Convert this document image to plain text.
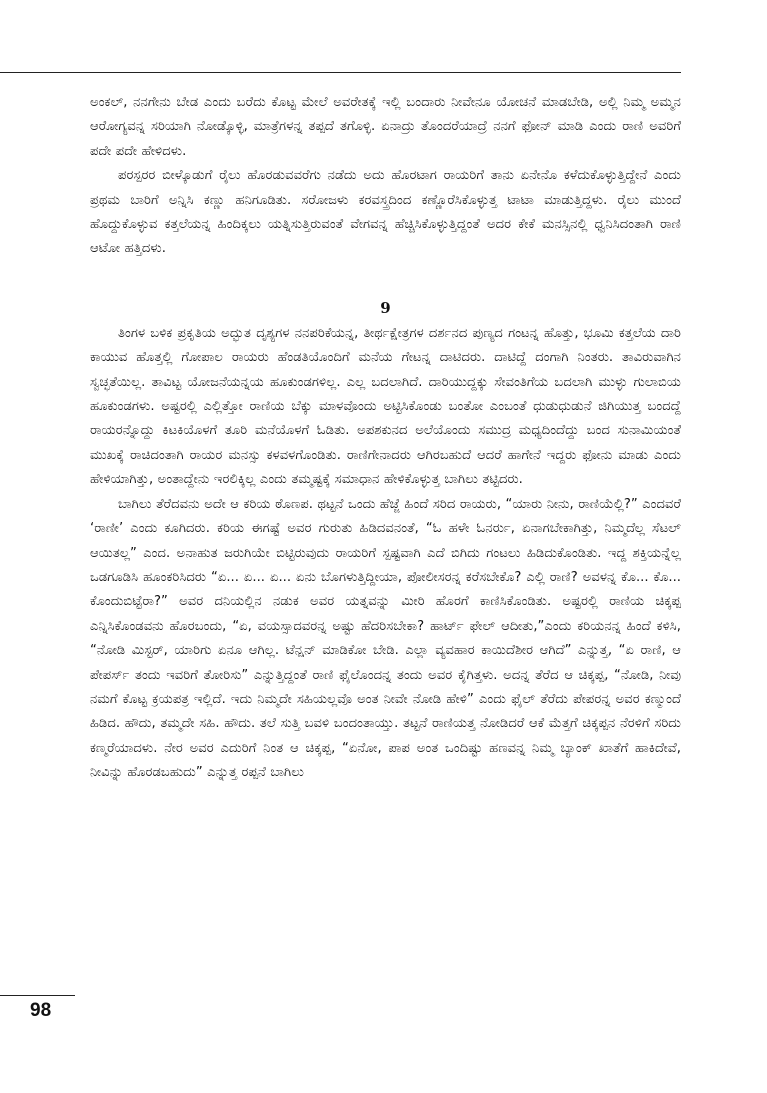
ಅಂಕಲ್, ನನಗೇನು ಬೇಡ ಎಂದು ಬರೆದು ಕೊಟ್ಟ ಮೇಲೆ ಅವರೇತಕ್ಕೆ ಇಲ್ಲಿ ಬಂದಾರು ನೀವೇನೂ ಯೋಚನೆ ಮಾಡಬೇಡಿ, ಅಲ್ಲಿ ನಿಮ್ಮ ಅಮ್ಮನ ಆರೋಗ್ಯವನ್ನ ಸರಿಯಾಗಿ ನೋಡ್ಕೊಳ್ಳಿ, ಮಾತ್ರೆಗಳನ್ನ ತಪ್ಪದೆ ತಗೊಳ್ಳಿ. ಏನಾದ್ರು ತೊಂದರೆಯಾದ್ರೆ ನನಗೆ ಫೋನ್ ಮಾಡಿ ಎಂದು ರಾಣಿ ಅವರಿಗೆ ಪದೇ ಪದೇ ಹೇಳಿದಳು.

ಪರಸ್ಪರರ ಬೀಳ್ಕೊಡುಗೆ ರೈಲು ಹೊರಡುವವರೆಗು ನಡೆದು ಅದು ಹೊರಟಾಗ ರಾಯರಿಗೆ ತಾನು ಏನೇನೊ ಕಳೆದುಕೊಳ್ಳುತ್ತಿದ್ದೇನೆ ಎಂದು ಪ್ರಥಮ ಬಾರಿಗೆ ಅನ್ನಿಸಿ ಕಣ್ಣು ಹನಿಗೂಡಿತು. ಸರೋಜಳು ಕರವಸ್ತ್ರದಿಂದ ಕಣ್ಣೊರೆಸಿಕೊಳ್ಳುತ್ತ ಟಾಟಾ ಮಾಡುತ್ತಿದ್ದಳು. ರೈಲು ಮುಂದೆ ಹೊದ್ದುಕೊಳ್ಳುವ ಕತ್ತಲೆಯನ್ನ ಹಿಂದಿಕ್ಕಲು ಯತ್ನಿಸುತ್ತಿರುವಂತೆ ವೇಗವನ್ನ ಹೆಚ್ಚಿಸಿಕೊಳ್ಳುತ್ತಿದ್ದಂತೆ ಅದರ ಕೇಕೆ ಮನಸ್ಸಿನಲ್ಲಿ ಧ್ವನಿಸಿದಂತಾಗಿ ರಾಣಿ ಆಟೋ ಹತ್ತಿದಳು.

9

ತಿಂಗಳ ಬಳಿಕ ಪ್ರಕೃತಿಯ ಅದ್ಭುತ ದೃಶ್ಯಗಳ ನನಪರಿಕೆಯನ್ನ, ತೀರ್ಥಕ್ಷೇತ್ರಗಳ ದರ್ಶನದ ಪುಣ್ಯದ ಗಂಟನ್ನ ಹೊತ್ತು, ಭೂಮಿ ಕತ್ತಲೆಯ ದಾರಿ ಕಾಯುವ ಹೊತ್ತಲ್ಲಿ ಗೋಪಾಲ ರಾಯರು ಹೆಂಡತಿಯೊಂದಿಗೆ ಮನೆಯ ಗೇಟನ್ನ ದಾಟಿದರು. ದಾಟಿದ್ದೆ ದಂಗಾಗಿ ನಿಂತರು. ತಾವಿರುವಾಗಿನ ಸ್ವಚ್ಛತೆಯಿಲ್ಲ. ತಾವಿಟ್ಟ ಯೋಜನೆಯನ್ನಯ ಹೂಕುಂಡಗಳಿಲ್ಲ. ಎಲ್ಲ ಬದಲಾಗಿದೆ. ದಾರಿಯುದ್ದಕ್ಕು ಸೇವಂತಿಗೆಯ ಬದಲಾಗಿ ಮುಳ್ಳು ಗುಲಾಬಿಯ ಹೂಕುಂಡಗಳು. ಅಷ್ಟರಲ್ಲಿ ಎಲ್ಲಿತ್ತೋ ರಾಣಿಯ ಬೆಕ್ಕು ಮಾಳವೊಂದು ಅಟ್ಟಿಸಿಕೊಂಡು ಬಂತೋ ಎಂಬಂತೆ ಧುಡುಧುಡುನೆ ಜಿಗಿಯುತ್ತ ಬಂದದ್ದೆ ರಾಯರನ್ನೊದ್ದು ಕಿಟಕಿಯೊಳಗೆ ತೂರಿ ಮನೆಯೊಳಗೆ ಓಡಿತು. ಅಪಶಕುನದ ಅಲೆಯೊಂದು ಸಮುದ್ರ ಮಧ್ಯದಿಂದೆದ್ದು ಬಂದ ಸುನಾಮಿಯಂತೆ ಮುಖಕ್ಕೆ ರಾಚಿದಂತಾಗಿ ರಾಯರ ಮನಸ್ಸು ಕಳವಳಗೊಂಡಿತು. ರಾಣಿಗೇನಾದರು ಆಗಿರಬಹುದೆ ಆದರೆ ಹಾಗೇನೆ ಇದ್ದರು ಫೋನು ಮಾಡು ಎಂದು ಹೇಳಿಯಾಗಿತ್ತು, ಅಂತಾದ್ದೇನು ಇರಲಿಕ್ಕಿಲ್ಲ ಎಂದು ತಮ್ಮಷ್ಟಕ್ಕೆ ಸಮಾಧಾನ ಹೇಳಿಕೊಳ್ಳುತ್ತ ಬಾಗಿಲು ತಟ್ಟಿದರು.

ಬಾಗಿಲು ತೆರೆದವನು ಅದೇ ಆ ಕರಿಯ ಠೊಣಪ. ಥಟ್ಟನೆ ಒಂದು ಹೆಜ್ಜೆ ಹಿಂದೆ ಸರಿದ ರಾಯರು, “ಯಾರು ನೀನು, ರಾಣಿಯೆಲ್ಲಿ?” ಎಂದವರೆ ‘ರಾಣೀ’ ಎಂದು ಕೂಗಿದರು. ಕರಿಯ ಈಗಷ್ಟೆ ಅವರ ಗುರುತು ಹಿಡಿದವನಂತೆ, “ಓ ಹಳೇ ಓನರ್ರು, ಏನಾಗಬೇಕಾಗಿತ್ತು, ನಿಮ್ಮದೆಲ್ಲ ಸೆಟಲ್ ಆಯಿತಲ್ಲ” ಎಂದ. ಅನಾಹುತ ಜರುಗಿಯೇ ಬಿಟ್ಟಿರುವುದು ರಾಯರಿಗೆ ಸ್ಪಷ್ಟವಾಗಿ ಎದೆ ಬಿಗಿದು ಗಂಟಲು ಹಿಡಿದುಕೊಂಡಿತು. ಇದ್ದ ಶಕ್ತಿಯನ್ನೆಲ್ಲ ಒಡಗೂಡಿಸಿ ಹೂಂಕರಿಸಿದರು “ಏ... ಏ... ಏ... ಏನು ಬೊಗಳುತ್ತಿದ್ದೀಯಾ, ಪೋಲೀಸರನ್ನ ಕರೆಸಬೇಕೊ? ಎಲ್ಲಿ ರಾಣಿ? ಅವಳನ್ನ ಕೊ... ಕೊ... ಕೊಂದುಬಿಟ್ಟೆರಾ?” ಅವರ ದನಿಯಲ್ಲಿನ ನಡುಕ ಅವರ ಯತ್ನವನ್ನು ಮೀರಿ ಹೊರಗೆ ಕಾಣಿಸಿಕೊಂಡಿತು. ಅಷ್ಟರಲ್ಲಿ ರಾಣಿಯ ಚಿಕ್ಕಪ್ಪ ಎನ್ನಿಸಿಕೊಂಡವನು ಹೊರಬಂದು, “ಏ, ವಯಸ್ಸಾದವರನ್ನ ಅಷ್ಟು ಹೆದರಿಸಬೇಕಾ? ಹಾರ್ಟ್ ಫೇಲ್ ಆದೀತು,”ಎಂದು ಕರಿಯನನ್ನ ಹಿಂದೆ ಕಳಿಸಿ, “ನೋಡಿ ಮಿಸ್ಟರ್, ಯಾರಿಗು ಏನೂ ಆಗಿಲ್ಲ. ಟೆನ್ಷನ್ ಮಾಡಿಕೋ ಬೇಡಿ. ಎಲ್ಲಾ ವ್ಯವಹಾರ ಕಾಯಿದೆಶೀರ ಆಗಿದೆ” ಎನ್ನುತ್ತ, “ಏ ರಾಣಿ, ಆ ಪೇಪರ್ಸ್ ತಂದು ಇವರಿಗೆ ತೋರಿಸು” ಎನ್ನುತ್ತಿದ್ದಂತೆ ರಾಣಿ ಫೈಲೊಂದನ್ನ ತಂದು ಅವರ ಕೈಗಿತ್ತಳು. ಅದನ್ನ ತೆರೆದ ಆ ಚಿಕ್ಕಪ್ಪ, “ನೋಡಿ, ನೀವು ನಮಗೆ ಕೊಟ್ಟ ಕ್ರಯಪತ್ರ ಇಲ್ಲಿದೆ. ಇದು ನಿಮ್ಮದೇ ಸಹಿಯಲ್ಲವೊ ಅಂತ ನೀವೇ ನೋಡಿ ಹೇಳಿ” ಎಂದು ಫೈಲ್ ತೆರೆದು ಪೇಪರನ್ನ ಅವರ ಕಣ್ಮುಂದೆ ಹಿಡಿದ. ಹೌದು, ತಮ್ಮದೇ ಸಹಿ. ಹೌದು. ತಲೆ ಸುತ್ತಿ ಬವಳಿ ಬಂದಂತಾಯ್ತು. ತಟ್ಟನೆ ರಾಣಿಯತ್ತ ನೋಡಿದರೆ ಆಕೆ ಮೆತ್ತಗೆ ಚಿಕ್ಕಪ್ಪನ ನೆರಳಿಗೆ ಸರಿದು ಕಣ್ಮರೆಯಾದಳು. ನೇರ ಅವರ ಎದುರಿಗೆ ನಿಂತ ಆ ಚಿಕ್ಕಪ್ಪ, “ಏನೋ, ಪಾಪ ಅಂತ ಒಂದಿಷ್ಟು ಹಣವನ್ನ ನಿಮ್ಮ ಬ್ಯಾಂಕ್ ಖಾತೆಗೆ ಹಾಕಿದೇವೆ, ನೀವಿನ್ನು ಹೊರಡಬಹುದು” ಎನ್ನುತ್ತ ರಪ್ಪನೆ ಬಾಗಿಲು

98
